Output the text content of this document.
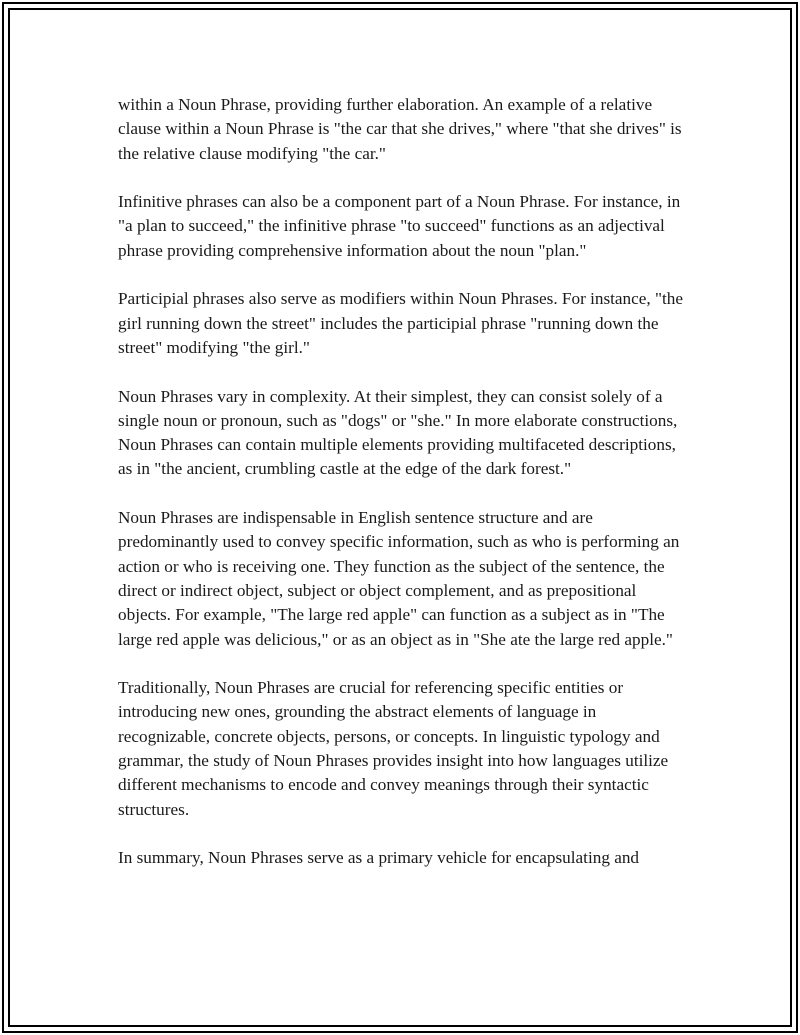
within a Noun Phrase, providing further elaboration. An example of a relative clause within a Noun Phrase is "the car that she drives," where "that she drives" is the relative clause modifying "the car."

Infinitive phrases can also be a component part of a Noun Phrase. For instance, in "a plan to succeed," the infinitive phrase "to succeed" functions as an adjectival phrase providing comprehensive information about the noun "plan."

Participial phrases also serve as modifiers within Noun Phrases. For instance, "the girl running down the street" includes the participial phrase "running down the street" modifying "the girl."

Noun Phrases vary in complexity. At their simplest, they can consist solely of a single noun or pronoun, such as "dogs" or "she." In more elaborate constructions, Noun Phrases can contain multiple elements providing multifaceted descriptions, as in "the ancient, crumbling castle at the edge of the dark forest."

Noun Phrases are indispensable in English sentence structure and are predominantly used to convey specific information, such as who is performing an action or who is receiving one. They function as the subject of the sentence, the direct or indirect object, subject or object complement, and as prepositional objects. For example, "The large red apple" can function as a subject as in "The large red apple was delicious," or as an object as in "She ate the large red apple."

Traditionally, Noun Phrases are crucial for referencing specific entities or introducing new ones, grounding the abstract elements of language in recognizable, concrete objects, persons, or concepts. In linguistic typology and grammar, the study of Noun Phrases provides insight into how languages utilize different mechanisms to encode and convey meanings through their syntactic structures.

In summary, Noun Phrases serve as a primary vehicle for encapsulating and
